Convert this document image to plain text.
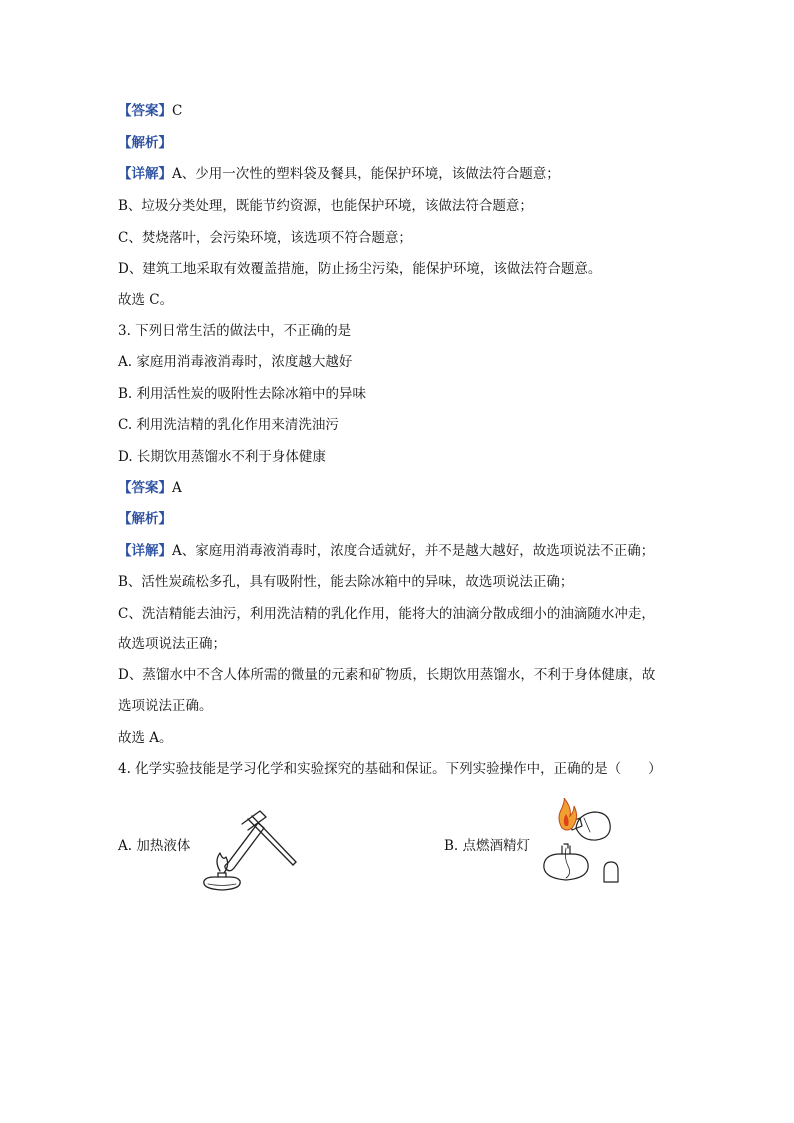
【答案】C
【解析】
【详解】A、少用一次性的塑料袋及餐具，能保护环境，该做法符合题意；
B、垃圾分类处理，既能节约资源，也能保护环境，该做法符合题意；
C、焚烧落叶，会污染环境，该选项不符合题意；
D、建筑工地采取有效覆盖措施，防止扬尘污染，能保护环境，该做法符合题意。
故选 C。
3. 下列日常生活的做法中，不正确的是
A. 家庭用消毒液消毒时，浓度越大越好
B. 利用活性炭的吸附性去除冰箱中的异味
C. 利用洗洁精的乳化作用来清洗油污
D. 长期饮用蒸馏水不利于身体健康
【答案】A
【解析】
【详解】A、家庭用消毒液消毒时，浓度合适就好，并不是越大越好，故选项说法不正确；
B、活性炭疏松多孔，具有吸附性，能去除冰箱中的异味，故选项说法正确；
C、洗洁精能去油污，利用洗洁精的乳化作用，能将大的油滴分散成细小的油滴随水冲走，
故选项说法正确；
D、蒸馏水中不含人体所需的微量的元素和矿物质，长期饮用蒸馏水，不利于身体健康，故
选项说法正确。
故选 A。
4. 化学实验技能是学习化学和实验探究的基础和保证。下列实验操作中，正确的是（　　）
A. 加热液体	B. 点燃酒精灯
